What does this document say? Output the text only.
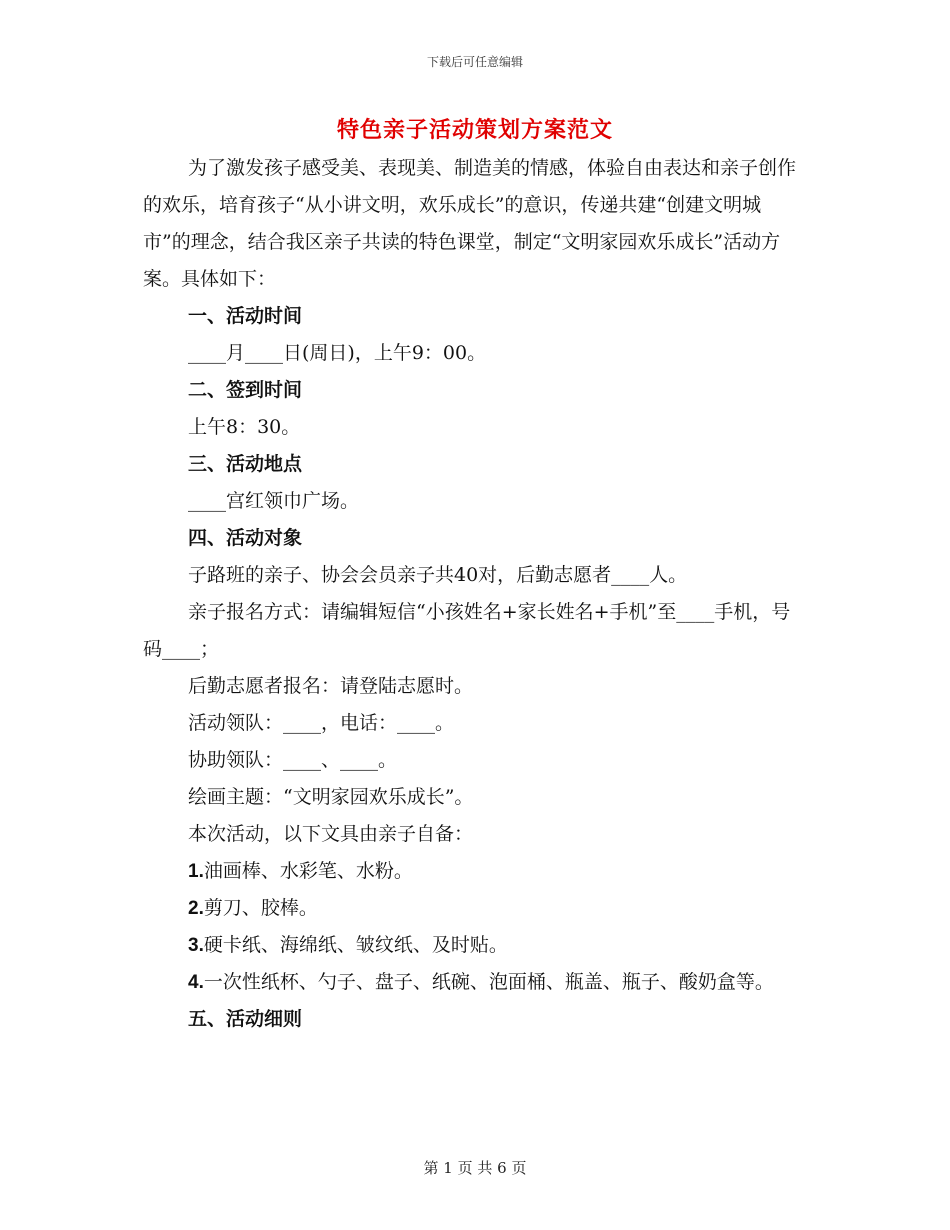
下载后可任意编辑
特色亲子活动策划方案范文

为了激发孩子感受美、表现美、制造美的情感，体验自由表达和亲子创作的欢乐，培育孩子“从小讲文明，欢乐成长”的意识，传递共建“创建文明城市”的理念，结合我区亲子共读的特色课堂，制定“文明家园欢乐成长”活动方案。具体如下：

一、活动时间

____月____日(周日)，上午9：00。

二、签到时间

上午8：30。

三、活动地点

____宫红领巾广场。

四、活动对象

子路班的亲子、协会会员亲子共40对，后勤志愿者____人。

亲子报名方式：请编辑短信“小孩姓名+家长姓名+手机”至____手机，号码____；

后勤志愿者报名：请登陆志愿时。

活动领队：____，电话：____。

协助领队：____、____。

绘画主题：“文明家园欢乐成长”。

本次活动，以下文具由亲子自备：

1.油画棒、水彩笔、水粉。

2.剪刀、胶棒。

3.硬卡纸、海绵纸、皱纹纸、及时贴。

4.一次性纸杯、勺子、盘子、纸碗、泡面桶、瓶盖、瓶子、酸奶盒等。

五、活动细则

第 1 页 共 6 页
